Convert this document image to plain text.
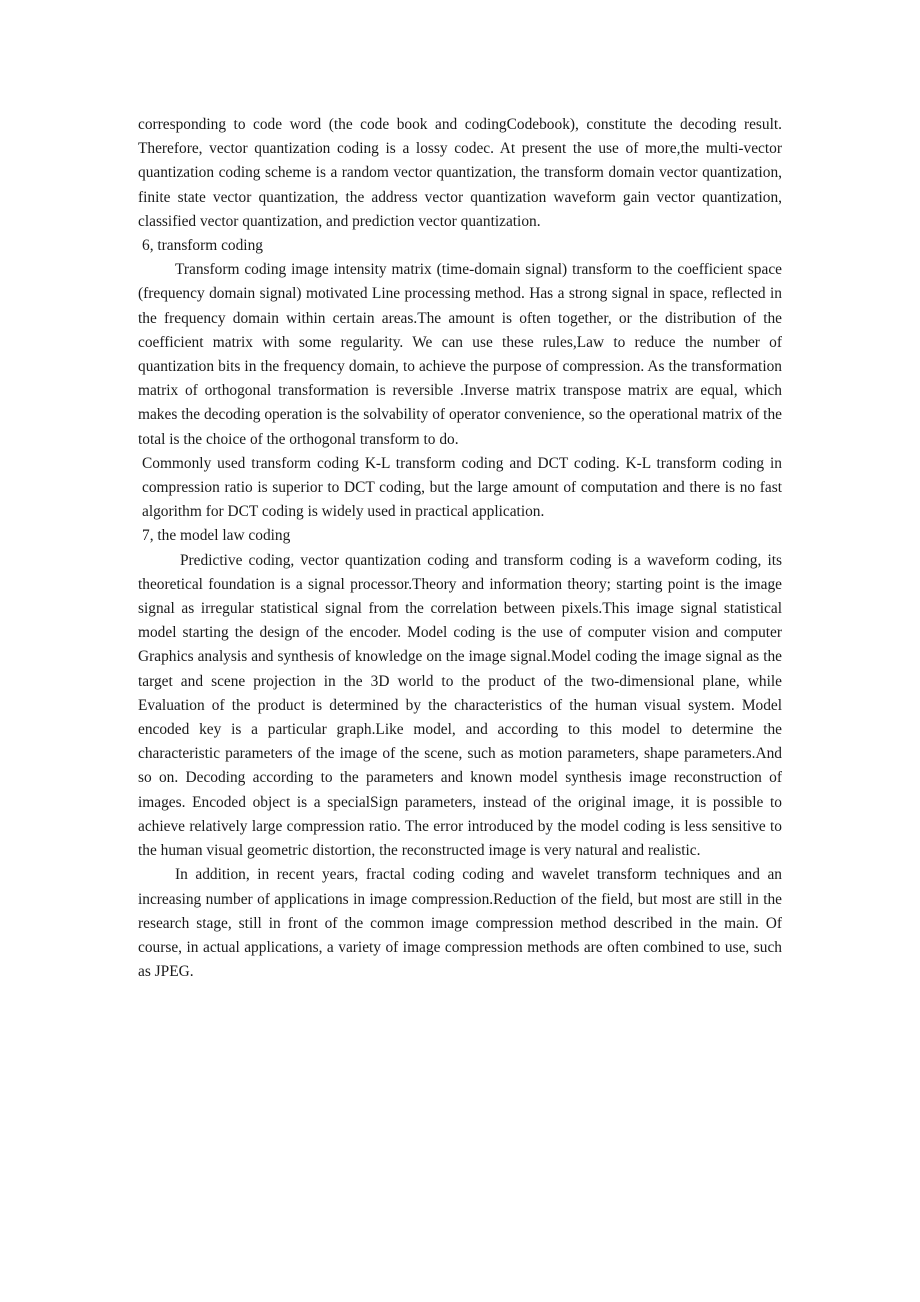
corresponding to code word (the code book and codingCodebook), constitute the decoding result. Therefore, vector quantization coding is a lossy codec. At present the use of more,the multi-vector quantization coding scheme is a random vector quantization, the transform domain vector quantization, finite state vector quantization, the address vector quantization waveform gain vector quantization, classified vector quantization, and prediction vector quantization.

6, transform coding

Transform coding image intensity matrix (time-domain signal) transform to the coefficient space (frequency domain signal) motivated Line processing method. Has a strong signal in space, reflected in the frequency domain within certain areas.The amount is often together, or the distribution of the coefficient matrix with some regularity. We can use these rules,Law to reduce the number of quantization bits in the frequency domain, to achieve the purpose of compression. As the transformation matrix of orthogonal transformation is reversible .Inverse matrix transpose matrix are equal, which makes the decoding operation is the solvability of operator convenience, so the operational matrix of the total is the choice of the orthogonal transform to do.

Commonly used transform coding K-L transform coding and DCT coding. K-L transform coding in compression ratio is superior to DCT coding, but the large amount of computation and there is no fast algorithm for DCT coding is widely used in practical application.

7, the model law coding

Predictive coding, vector quantization coding and transform coding is a waveform coding, its theoretical foundation is a signal processor.Theory and information theory; starting point is the image signal as irregular statistical signal from the correlation between pixels.This image signal statistical model starting the design of the encoder. Model coding is the use of computer vision and computer Graphics analysis and synthesis of knowledge on the image signal.Model coding the image signal as the target and scene projection in the 3D world to the product of the two-dimensional plane, while Evaluation of the product is determined by the characteristics of the human visual system. Model encoded key is a particular graph.Like model, and according to this model to determine the characteristic parameters of the image of the scene, such as motion parameters, shape parameters.And so on. Decoding according to the parameters and known model synthesis image reconstruction of images. Encoded object is a specialSign parameters, instead of the original image, it is possible to achieve relatively large compression ratio. The error introduced by the model coding is less sensitive to the human visual geometric distortion, the reconstructed image is very natural and realistic.

In addition, in recent years, fractal coding coding and wavelet transform techniques and an increasing number of applications in image compression.Reduction of the field, but most are still in the research stage, still in front of the common image compression method described in the main. Of course, in actual applications, a variety of image compression methods are often combined to use, such as JPEG.
